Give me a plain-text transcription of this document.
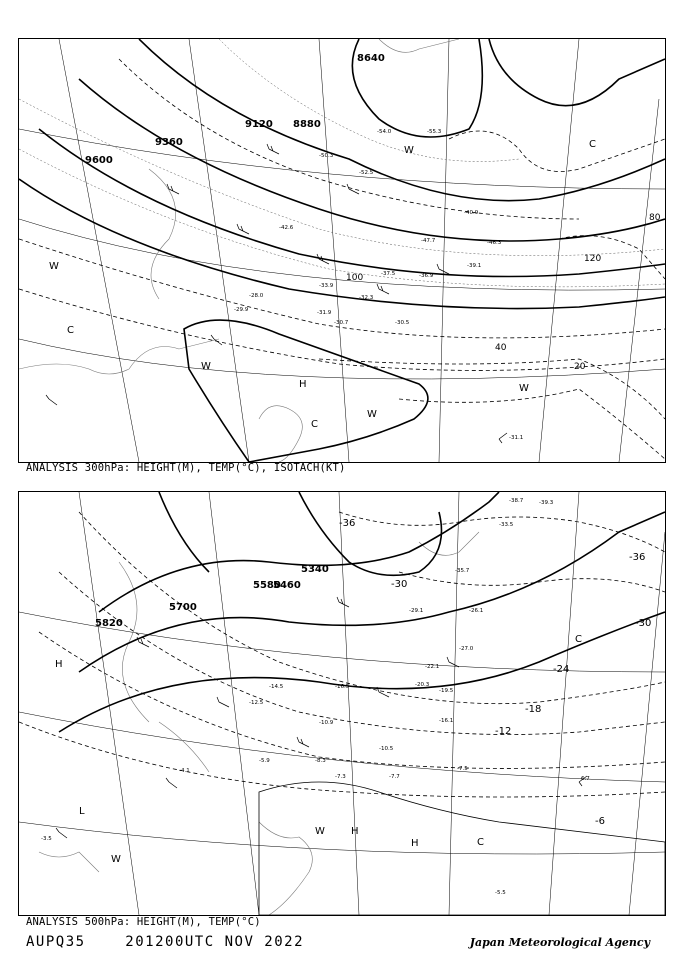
8640
8880
9120
9360
9600
20
40
80
100
120
H
C
C
C
W
W
W
W
W
-30.7
-32.3
-33.9
-31.9
-30.5
-28.0
-29.9
-31.1
-46.3
-47.7
-50.3
-52.5
-54.0	-55.3
-40.9
-42.6
-36.9
-39.1
-37.5
ANALYSIS 300hPa: HEIGHT(M), TEMP(°C), ISOTACH(KT)
5340
5460
5580
5700
5820
-36
-30
-24
-18
-12
-6
-36
-30
H
H
H
L
W
W
C
C
-7.7
-7.5
-6.7
-10.5
-16.1
-19.5
-20.3
-22.1
-26.1
-27.0
-29.1
-33.5
-35.7
-38.7	-39.3
-5.5
-3.5
-4.1
-16.5
-14.5
-12.5
-10.9
-8.3
-5.9
-7.3
ANALYSIS 500hPa: HEIGHT(M), TEMP(°C)
AUPQ35	201200UTC NOV 2022	Japan Meteorological Agency
